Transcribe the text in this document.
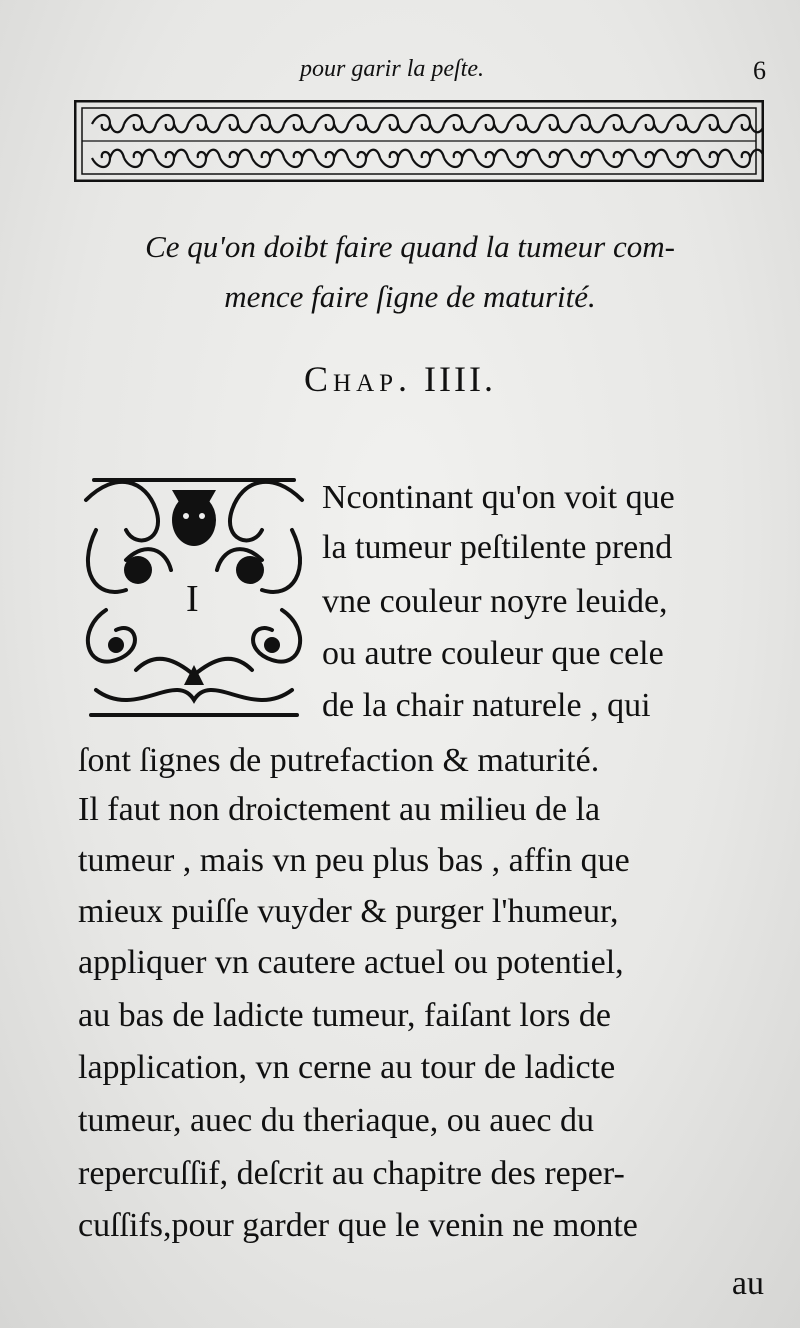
pour garir la peſte.	6
Ce qu'on doibt faire quand la tumeur com-
mence faire ſigne de maturité.
Chap. IIII.
I
Ncontinant qu'on voit que
la tumeur peſtilente prend
vne couleur noyre leuide,
ou autre couleur que cele
de la chair naturele , qui
ſont ſignes de putrefaction & maturité.
Il faut non droictement au milieu de la
tumeur , mais vn peu plus bas , affin que
mieux puiſſe vuyder & purger l'humeur,
appliquer vn cautere actuel ou potentiel,
au bas de ladicte tumeur, faiſant lors de
lapplication, vn cerne au tour de ladicte
tumeur, auec du theriaque, ou auec du
repercuſſif, deſcrit au chapitre des reper-
cuſſifs,pour garder que le venin ne monte
au
